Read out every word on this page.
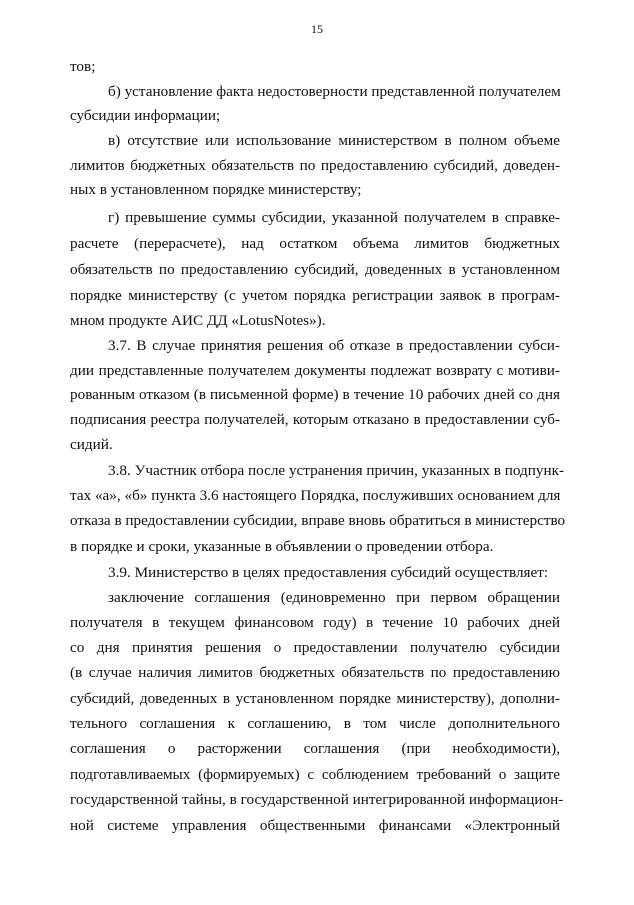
15
тов;
б) установление факта недостоверности представленной получателем
субсидии информации;
в) отсутствие или использование министерством в полном объеме
лимитов бюджетных обязательств по предоставлению субсидий, доведен-
ных в установленном порядке министерству;
г) превышение суммы субсидии, указанной получателем в справке-
расчете (перерасчете), над остатком объема лимитов бюджетных
обязательств по предоставлению субсидий, доведенных в установленном
порядке министерству (с учетом порядка регистрации заявок в програм-
мном продукте АИС ДД «LotusNotes»).
3.7. В случае принятия решения об отказе в предоставлении субси-
дии представленные получателем документы подлежат возврату с мотиви-
рованным отказом (в письменной форме) в течение 10 рабочих дней со дня
подписания реестра получателей, которым отказано в предоставлении суб-
сидий.
3.8. Участник отбора после устранения причин, указанных в подпунк-
тах «а», «б» пункта 3.6 настоящего Порядка, послуживших основанием для
отказа в предоставлении субсидии, вправе вновь обратиться в министерство
в порядке и сроки, указанные в объявлении о проведении отбора.
3.9. Министерство в целях предоставления субсидий осуществляет:
заключение соглашения (единовременно при первом обращении
получателя в текущем финансовом году) в течение 10 рабочих дней
со дня принятия решения о предоставлении получателю субсидии
(в случае наличия лимитов бюджетных обязательств по предоставлению
субсидий, доведенных в установленном порядке министерству), дополни-
тельного соглашения к соглашению, в том числе дополнительного
соглашения о расторжении соглашения (при необходимости),
подготавливаемых (формируемых) с соблюдением требований о защите
государственной тайны, в государственной интегрированной информацион-
ной системе управления общественными финансами «Электронный
